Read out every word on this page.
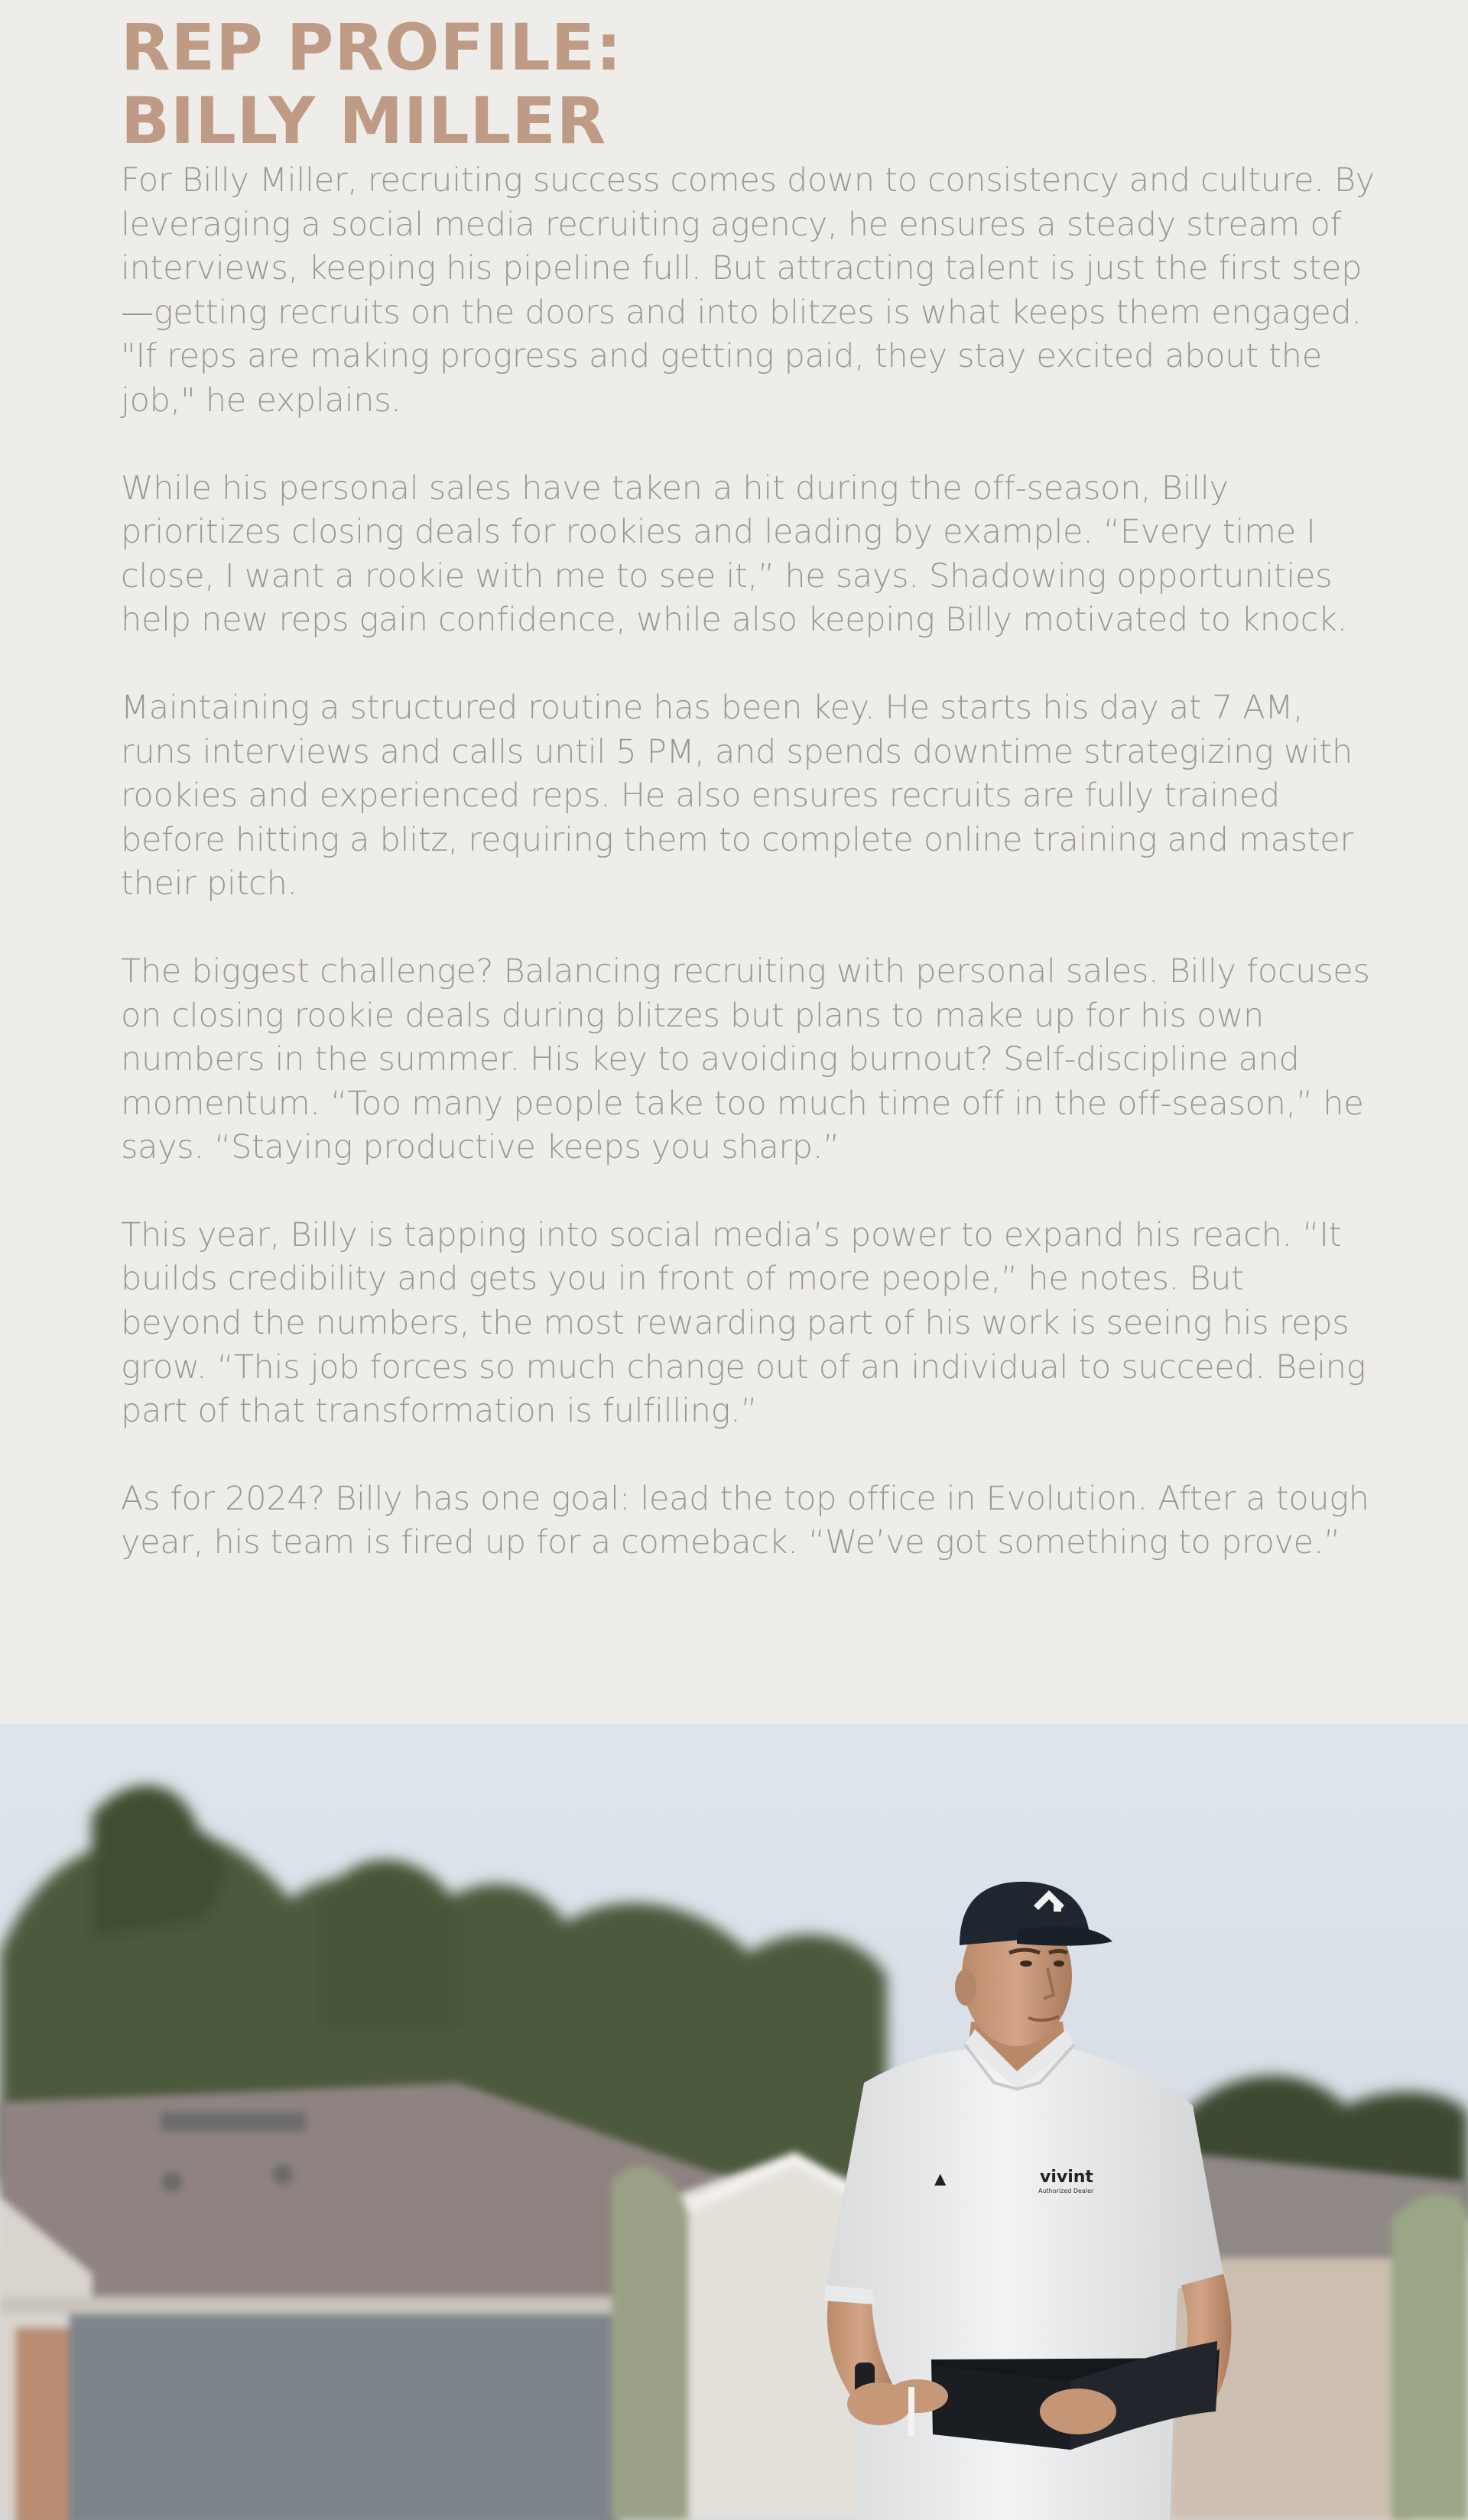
REP PROFILE:
BILLY MILLER

For Billy Miller, recruiting success comes down to consistency and culture. By leveraging a social media recruiting agency, he ensures a steady stream of interviews, keeping his pipeline full. But attracting talent is just the first step—getting recruits on the doors and into blitzes is what keeps them engaged. "If reps are making progress and getting paid, they stay excited about the job," he explains.

While his personal sales have taken a hit during the off-season, Billy prioritizes closing deals for rookies and leading by example. “Every time I close, I want a rookie with me to see it,” he says. Shadowing opportunities help new reps gain confidence, while also keeping Billy motivated to knock.

Maintaining a structured routine has been key. He starts his day at 7 AM, runs interviews and calls until 5 PM, and spends downtime strategizing with rookies and experienced reps. He also ensures recruits are fully trained before hitting a blitz, requiring them to complete online training and master their pitch.

The biggest challenge? Balancing recruiting with personal sales. Billy focuses on closing rookie deals during blitzes but plans to make up for his own numbers in the summer. His key to avoiding burnout? Self-discipline and momentum. “Too many people take too much time off in the off-season,” he says. “Staying productive keeps you sharp.”

This year, Billy is tapping into social media’s power to expand his reach. “It builds credibility and gets you in front of more people,” he notes. But beyond the numbers, the most rewarding part of his work is seeing his reps grow. “This job forces so much change out of an individual to succeed. Being part of that transformation is fulfilling.”

As for 2024? Billy has one goal: lead the top office in Evolution. After a tough year, his team is fired up for a comeback. “We’ve got something to prove.”

▲	vivint
Authorized Dealer
